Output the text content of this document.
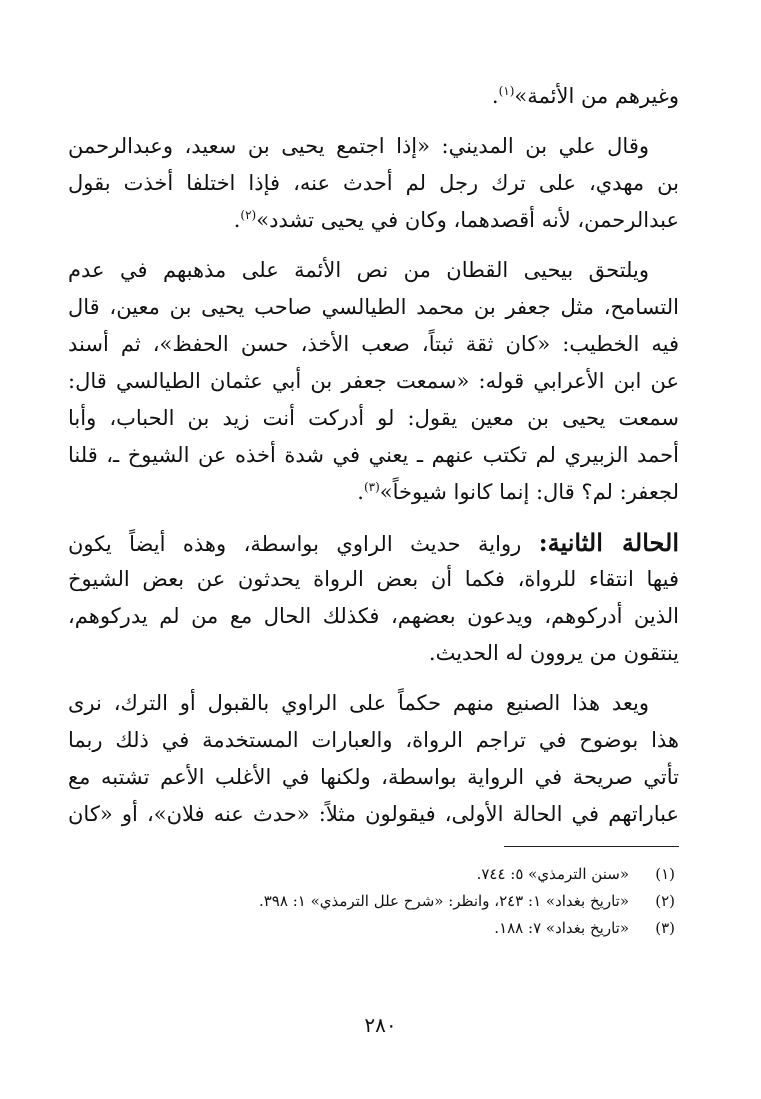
وغيرهم من الأئمة»$^{(١)}$.
وقال علي بن المديني: «إذا اجتمع يحيى بن سعيد، وعبدالرحمن
بن مهدي، على ترك رجل لم أحدث عنه، فإذا اختلفا أخذت بقول
عبدالرحمن، لأنه أقصدهما، وكان في يحيى تشدد»$^{(٢)}$.
ويلتحق بيحيى القطان من نص الأئمة على مذهبهم في عدم
التسامح، مثل جعفر بن محمد الطيالسي صاحب يحيى بن معين، قال
فيه الخطيب: «كان ثقة ثبتاً، صعب الأخذ، حسن الحفظ»، ثم أسند
عن ابن الأعرابي قوله: «سمعت جعفر بن أبي عثمان الطيالسي قال:
سمعت يحيى بن معين يقول: لو أدركت أنت زيد بن الحباب، وأبا
أحمد الزبيري لم تكتب عنهم ـ يعني في شدة أخذه عن الشيوخ ـ، قلنا
لجعفر: لم؟ قال: إنما كانوا شيوخاً»$^{(٣)}$.
الحالة الثانية: رواية حديث الراوي بواسطة، وهذه أيضاً يكون
فيها انتقاء للرواة، فكما أن بعض الرواة يحدثون عن بعض الشيوخ
الذين أدركوهم، ويدعون بعضهم، فكذلك الحال مع من لم يدركوهم،
ينتقون من يروون له الحديث.
ويعد هذا الصنيع منهم حكماً على الراوي بالقبول أو الترك، نرى
هذا بوضوح في تراجم الرواة، والعبارات المستخدمة في ذلك ربما
تأتي صريحة في الرواية بواسطة، ولكنها في الأغلب الأعم تشتبه مع
عباراتهم في الحالة الأولى، فيقولون مثلاً: «حدث عنه فلان»، أو «كان
(١)
«سنن الترمذي» ٥: ٧٤٤.
(٢)
«تاريخ بغداد» ١: ٢٤٣، وانظر: «شرح علل الترمذي» ١: ٣٩٨.
(٣)
«تاريخ بغداد» ٧: ١٨٨.
٢٨٠
